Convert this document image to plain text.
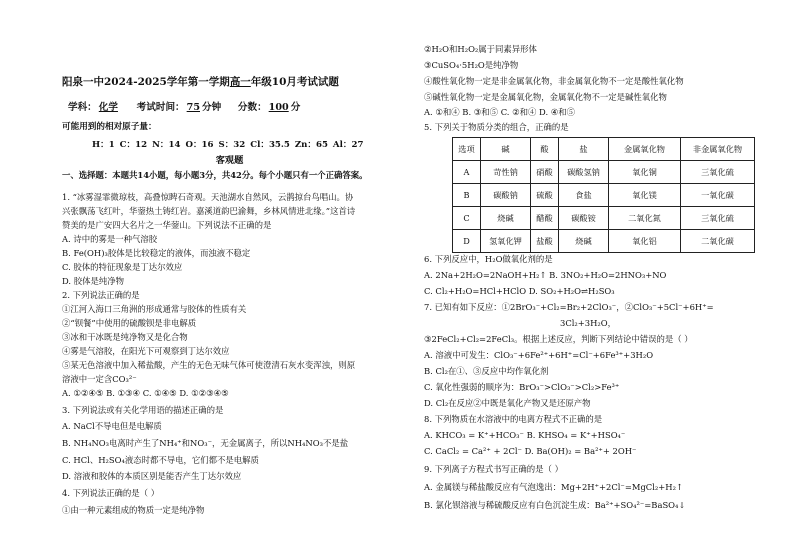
阳泉一中2024-2025学年第一学期高一年级10月考试试题
学科： 化学 考试时间： 75 分钟 分数： 100 分
可能用到的相对原子量：
H：1 C：12 N：14 O：16 S：32 Cl：35.5 Zn：65 Al：27
客观题
一、选择题：本题共14小题，每小题3分，共42分。每个小题只有一个正确答案。
1. “冰雾湿霏微琼枝，高叠惊睥石奇观。天池湖水自然风，云鹊掠台鸟唱山。协
兴张飘荡飞红叶，华蓥热土铸红岩。嘉溪道韵巴渝舞，乡林风情进北缘。”这首诗
赞美的是广安四大名片之一华蓥山。下列说法不正确的是
A. 诗中的雾是一种气溶胶
B. Fe(OH)₃胶体是比较稳定的液体，而浊液不稳定
C. 胶体的特征现象是丁达尔效应
D. 胶体是纯净物
2. 下列说法正确的是
①江河入海口三角洲的形成通常与胶体的性质有关
②“钡餐”中使用的硫酸钡是非电解质
③冰和干冰既是纯净物又是化合物
④雾是气溶胶，在阳光下可观察到丁达尔效应
⑤某无色溶液中加入稀盐酸，产生的无色无味气体可使澄清石灰水变浑浊，则原
溶液中一定含CO₃²⁻
A. ①②④⑤ B. ①③④ C. ①④⑤ D. ①②③④⑤
3. 下列说法或有关化学用语的描述正确的是
A. NaCl不导电但是电解质
B. NH₄NO₃电离时产生了NH₄⁺和NO₃⁻，无金属离子，所以NH₄NO₃不是盐
C. HCl、H₂SO₄液态时都不导电，它们都不是电解质
D. 溶液和胶体的本质区别是能否产生丁达尔效应
4. 下列说法正确的是（ ）
①由一种元素组成的物质一定是纯净物
②H₂O和H₂O₂属于同素异形体
③CuSO₄·5H₂O是纯净物
④酸性氧化物一定是非金属氧化物，非金属氧化物不一定是酸性氧化物
⑤碱性氧化物一定是金属氧化物，金属氧化物不一定是碱性氧化物
A. ①和④ B. ③和⑤ C. ②和④ D. ④和⑤
5. 下列关于物质分类的组合，正确的是
选项	碱	酸	盐	金属氧化物	非金属氧化物
A	苛性钠	硝酸	碳酸氢钠	氧化铜	三氧化硫
B	碳酸钠	硫酸	食盐	氧化镁	一氧化碳
C	烧碱	醋酸	碳酸铵	二氧化氮	三氧化硫
D	氢氧化钾	盐酸	烧碱	氧化铝	二氧化碳
6. 下列反应中，H₂O做氧化剂的是
A. 2Na+2H₂O=2NaOH+H₂↑ B. 3NO₂+H₂O=2HNO₃+NO
C. Cl₂+H₂O=HCl+HClO D. SO₂+H₂O⇌H₂SO₃
7. 已知有如下反应：①2BrO₃⁻+Cl₂=Br₂+2ClO₃⁻，②ClO₃⁻+5Cl⁻+6H⁺=
3Cl₂+3H₂O，
③2FeCl₂+Cl₂=2FeCl₃。根据上述反应，判断下列结论中错误的是（ ）
A. 溶液中可发生：ClO₃⁻+6Fe²⁺+6H⁺=Cl⁻+6Fe³⁺+3H₂O
B. Cl₂在①、③反应中均作氧化剂
C. 氧化性强弱的顺序为：BrO₃⁻>ClO₃⁻>Cl₂>Fe³⁺
D. Cl₂在反应②中既是氧化产物又是还原产物
8. 下列物质在水溶液中的电离方程式不正确的是
A. KHCO₃ = K⁺+HCO₃⁻ B. KHSO₄ = K⁺+HSO₄⁻
C. CaCl₂ = Ca²⁺ + 2Cl⁻ D. Ba(OH)₂ = Ba²⁺+ 2OH⁻
9. 下列离子方程式书写正确的是（ ）
A. 金属镁与稀盐酸反应有气泡逸出：Mg+2H⁺+2Cl⁻=MgCl₂+H₂↑
B. 氯化钡溶液与稀硫酸反应有白色沉淀生成：Ba²⁺+SO₄²⁻=BaSO₄↓
